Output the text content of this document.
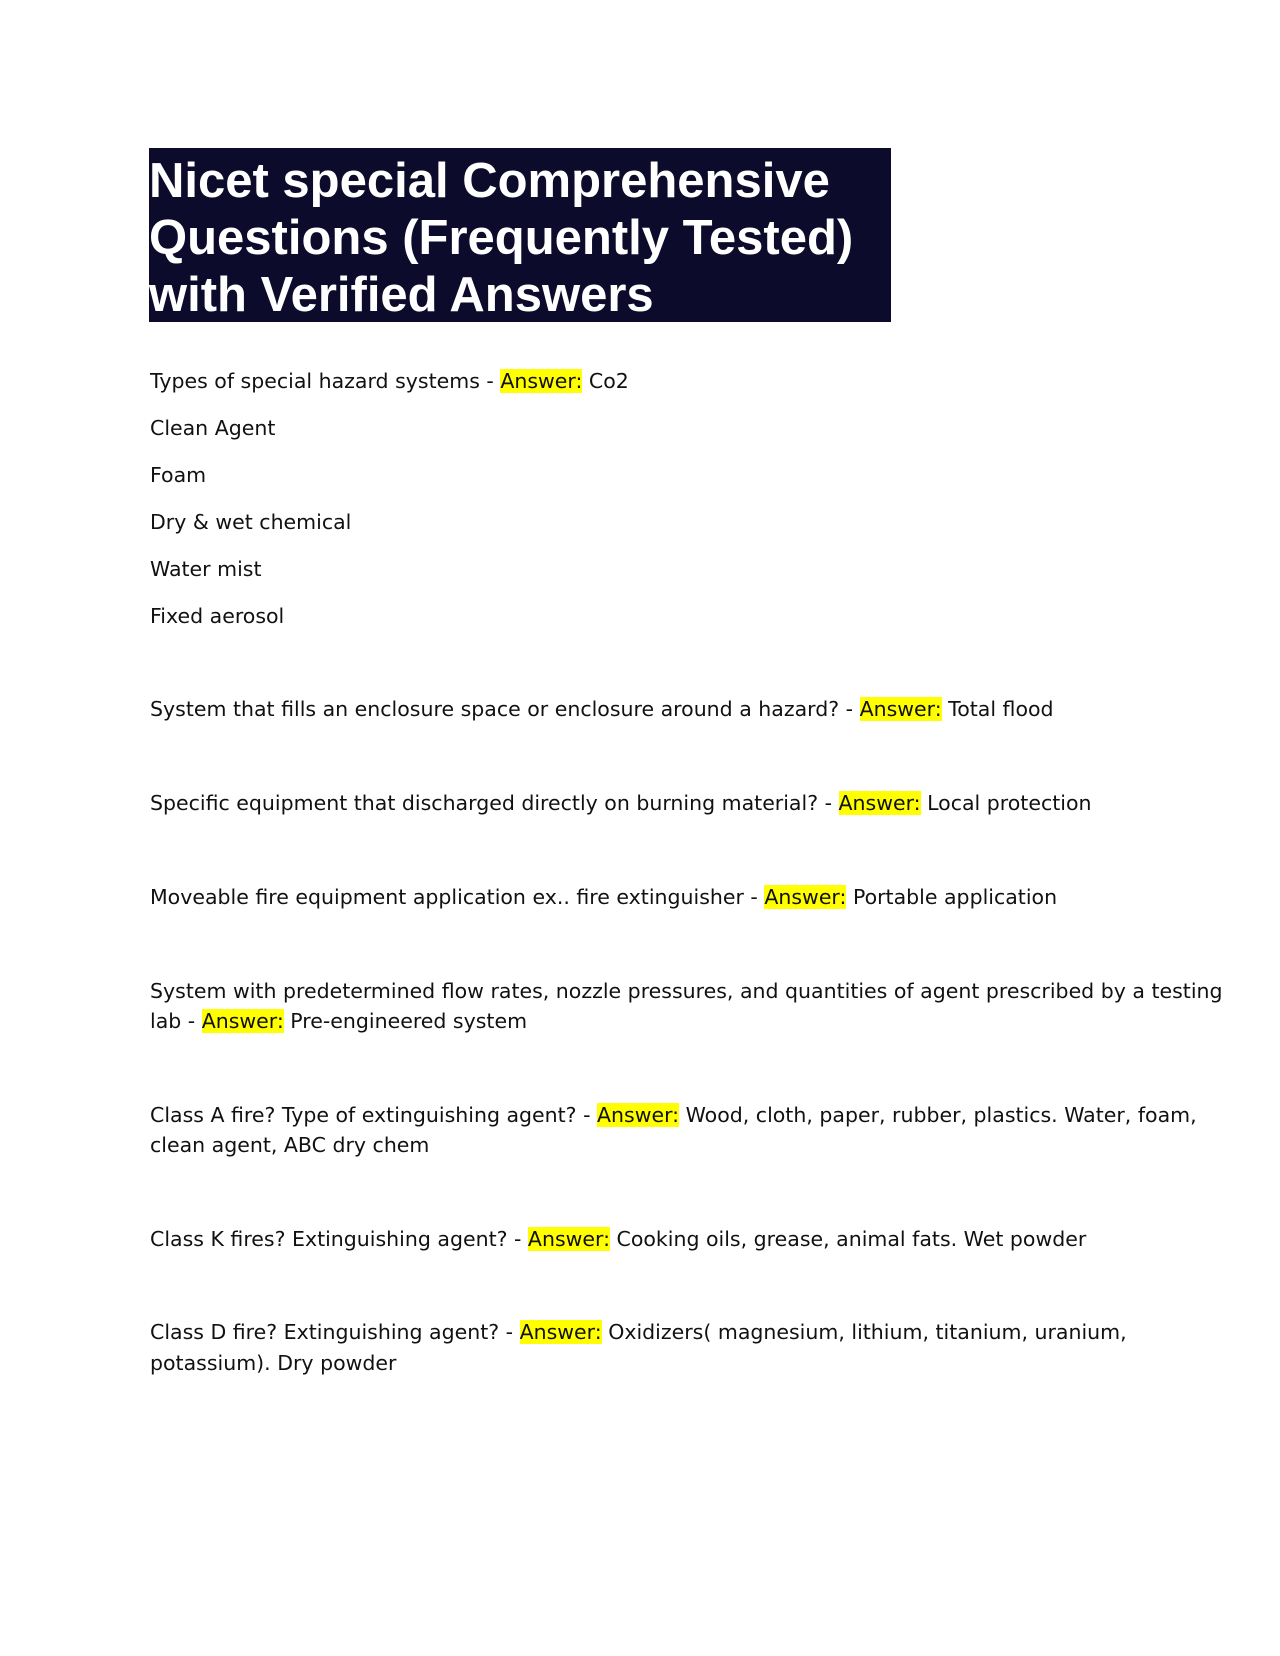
Nicet special Comprehensive
Questions (Frequently Tested)
with Verified Answers
Types of special hazard systems - Answer: Co2
Clean Agent
Foam
Dry & wet chemical
Water mist
Fixed aerosol
System that fills an enclosure space or enclosure around a hazard? - Answer: Total flood
Specific equipment that discharged directly on burning material? - Answer: Local protection
Moveable fire equipment application ex.. fire extinguisher - Answer: Portable application
System with predetermined flow rates, nozzle pressures, and quantities of agent prescribed by a testing
lab - Answer: Pre-engineered system
Class A fire? Type of extinguishing agent? - Answer: Wood, cloth, paper, rubber, plastics. Water, foam,
clean agent, ABC dry chem
Class K fires? Extinguishing agent? - Answer: Cooking oils, grease, animal fats. Wet powder
Class D fire? Extinguishing agent? - Answer: Oxidizers( magnesium, lithium, titanium, uranium,
potassium). Dry powder
